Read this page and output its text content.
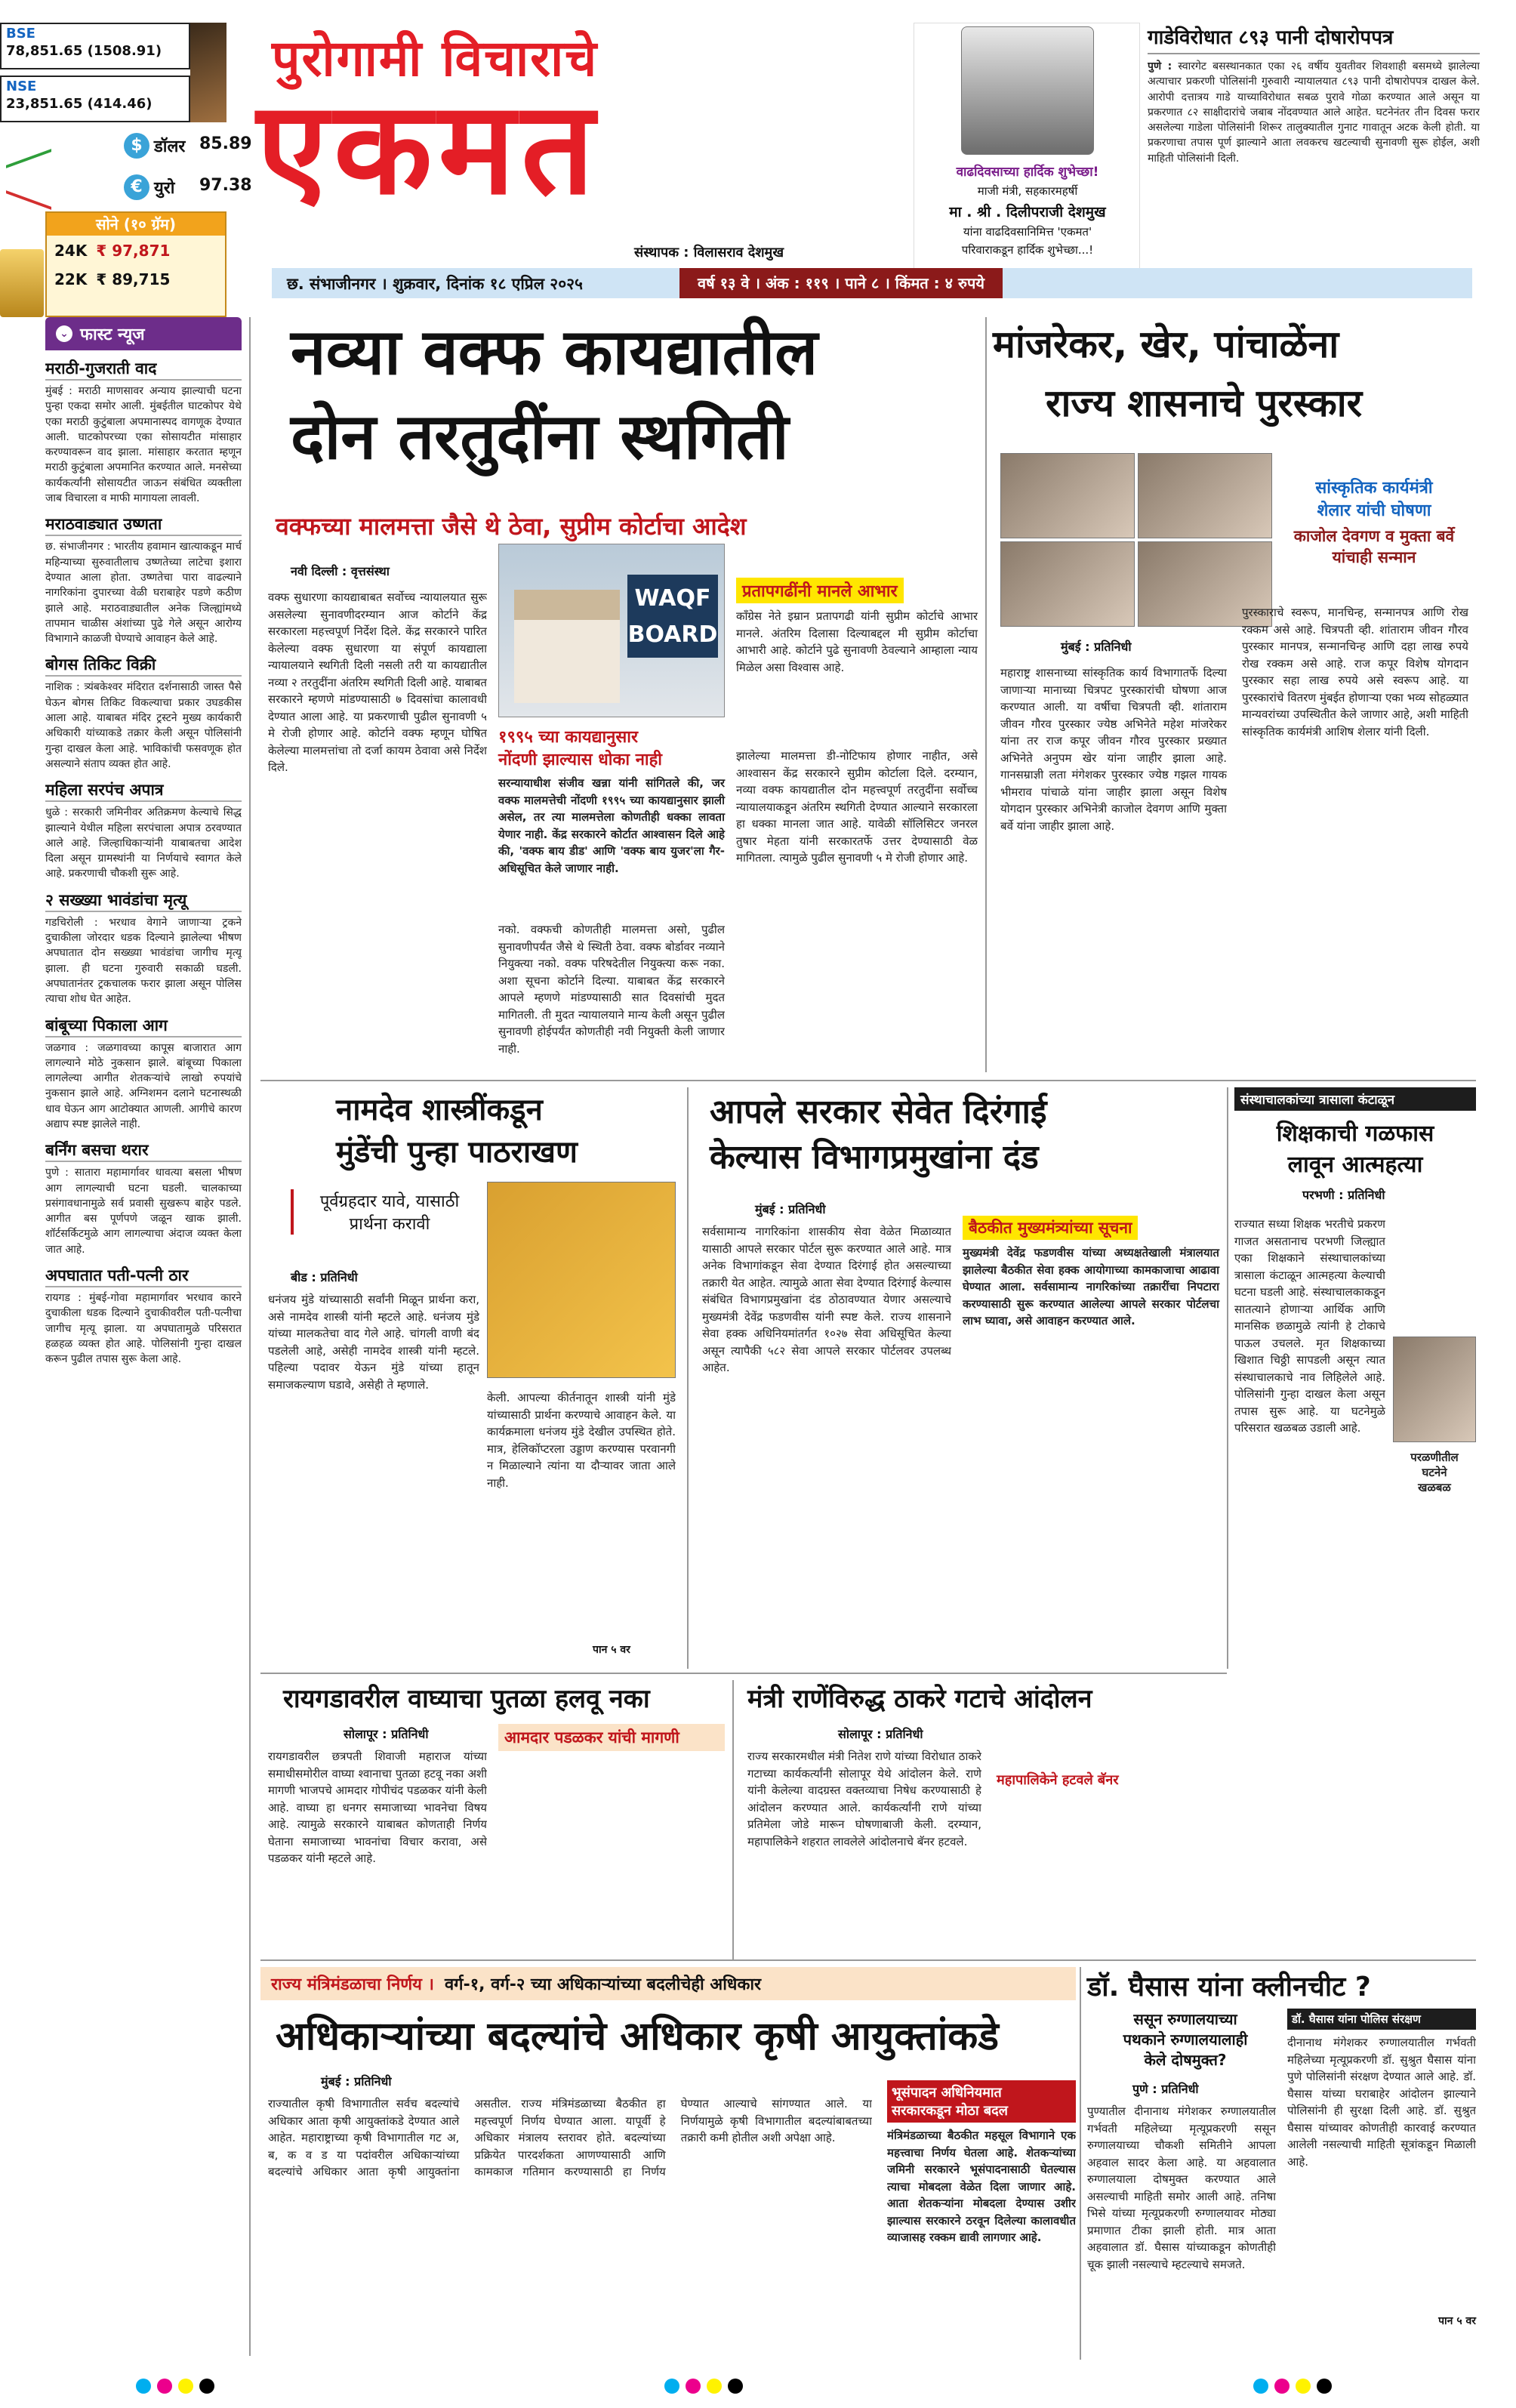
BSE
78,851.65 (1508.91)
NSE
23,851.65 (414.46)
$ डॉलर 85.89
€ युरो 97.38
सोने (१० ग्रॅम)
24K ₹ 97,871
22K ₹ 89,715
पुरोगामी विचाराचे
एकमत
संस्थापक : विलासराव देशमुख
वाढदिवसाच्या हार्दिक शुभेच्छा!
माजी मंत्री, सहकारमहर्षी
मा . श्री . दिलीपराजी देशमुख
यांना वाढदिवसानिमित्त 'एकमत'
परिवाराकडून हार्दिक शुभेच्छा...!
गाडेविरोधात ८९३ पानी दोषारोपपत्र
पुणे : स्वारगेट बसस्थानकात एका २६ वर्षीय युवतीवर शिवशाही बसमध्ये झालेल्या अत्याचार प्रकरणी पोलिसांनी गुरुवारी न्यायालयात ८९३ पानी दोषारोपपत्र दाखल केले. आरोपी दत्तात्रय गाडे याच्याविरोधात सबळ पुरावे गोळा करण्यात आले असून या प्रकरणात ८२ साक्षीदारांचे जबाब नोंदवण्यात आले आहेत. घटनेनंतर तीन दिवस फरार असलेल्या गाडेला पोलिसांनी शिरूर तालुक्यातील गुनाट गावातून अटक केली होती. या प्रकरणाचा तपास पूर्ण झाल्याने आता लवकरच खटल्याची सुनावणी सुरू होईल, अशी माहिती पोलिसांनी दिली.
छ. संभाजीनगर । शुक्रवार, दिनांक १८ एप्रिल २०२५	वर्ष १३ वे । अंक : ११९ । पाने ८ । किंमत : ४ रुपये
⌄ फास्ट न्यूज
मराठी-गुजराती वाद
मुंबई : मराठी माणसावर अन्याय झाल्याची घटना पुन्हा एकदा समोर आली. मुंबईतील घाटकोपर येथे एका मराठी कुटुंबाला अपमानास्पद वागणूक देण्यात आली. घाटकोपरच्या एका सोसायटीत मांसाहार करण्यावरून वाद झाला. मांसाहार करतात म्हणून मराठी कुटुंबाला अपमानित करण्यात आले. मनसेच्या कार्यकर्त्यांनी सोसायटीत जाऊन संबंधित व्यक्तीला जाब विचारला व माफी मागायला लावली.
मराठवाड्यात उष्णता
छ. संभाजीनगर : भारतीय हवामान खात्याकडून मार्च महिन्याच्या सुरुवातीलाच उष्णतेच्या लाटेचा इशारा देण्यात आला होता. उष्णतेचा पारा वाढल्याने नागरिकांना दुपारच्या वेळी घराबाहेर पडणे कठीण झाले आहे. मराठवाड्यातील अनेक जिल्ह्यांमध्ये तापमान चाळीस अंशांच्या पुढे गेले असून आरोग्य विभागाने काळजी घेण्याचे आवाहन केले आहे.
बोगस तिकिट विक्री
नाशिक : त्र्यंबकेश्वर मंदिरात दर्शनासाठी जास्त पैसे घेऊन बोगस तिकिट विकल्याचा प्रकार उघडकीस आला आहे. याबाबत मंदिर ट्रस्टने मुख्य कार्यकारी अधिकारी यांच्याकडे तक्रार केली असून पोलिसांनी गुन्हा दाखल केला आहे. भाविकांची फसवणूक होत असल्याने संताप व्यक्त होत आहे.
महिला सरपंच अपात्र
धुळे : सरकारी जमिनीवर अतिक्रमण केल्याचे सिद्ध झाल्याने येथील महिला सरपंचाला अपात्र ठरवण्यात आले आहे. जिल्हाधिकाऱ्यांनी याबाबतचा आदेश दिला असून ग्रामस्थांनी या निर्णयाचे स्वागत केले आहे. प्रकरणाची चौकशी सुरू आहे.
२ सख्ख्या भावंडांचा मृत्यू
गडचिरोली : भरधाव वेगाने जाणाऱ्या ट्रकने दुचाकीला जोरदार धडक दिल्याने झालेल्या भीषण अपघातात दोन सख्ख्या भावंडांचा जागीच मृत्यू झाला. ही घटना गुरुवारी सकाळी घडली. अपघातानंतर ट्रकचालक फरार झाला असून पोलिस त्याचा शोध घेत आहेत.
बांबूच्या पिकाला आग
जळगाव : जळगावच्या कापूस बाजारात आग लागल्याने मोठे नुकसान झाले. बांबूच्या पिकाला लागलेल्या आगीत शेतकऱ्यांचे लाखो रुपयांचे नुकसान झाले आहे. अग्निशमन दलाने घटनास्थळी धाव घेऊन आग आटोक्यात आणली. आगीचे कारण अद्याप स्पष्ट झालेले नाही.
बर्निंग बसचा थरार
पुणे : सातारा महामार्गावर धावत्या बसला भीषण आग लागल्याची घटना घडली. चालकाच्या प्रसंगावधानामुळे सर्व प्रवासी सुखरूप बाहेर पडले. आगीत बस पूर्णपणे जळून खाक झाली. शॉर्टसर्किटमुळे आग लागल्याचा अंदाज व्यक्त केला जात आहे.
अपघातात पती-पत्नी ठार
रायगड : मुंबई-गोवा महामार्गावर भरधाव कारने दुचाकीला धडक दिल्याने दुचाकीवरील पती-पत्नीचा जागीच मृत्यू झाला. या अपघातामुळे परिसरात हळहळ व्यक्त होत आहे. पोलिसांनी गुन्हा दाखल करून पुढील तपास सुरू केला आहे.
नव्या वक्फ कायद्यातील
दोन तरतुदींना स्थगिती
वक्फच्या मालमत्ता जैसे थे ठेवा, सुप्रीम कोर्टाचा आदेश
नवी दिल्ली : वृत्तसंस्था
वक्फ सुधारणा कायद्याबाबत सर्वोच्च न्यायालयात सुरू असलेल्या सुनावणीदरम्यान आज कोर्टाने केंद्र सरकारला महत्त्वपूर्ण निर्देश दिले. केंद्र सरकारने पारित केलेल्या वक्फ सुधारणा या संपूर्ण कायद्याला न्यायालयाने स्थगिती दिली नसली तरी या कायद्यातील नव्या २ तरतुदींना अंतरिम स्थगिती दिली आहे. याबाबत सरकारने म्हणणे मांडण्यासाठी ७ दिवसांचा कालावधी देण्यात आला आहे. या प्रकरणाची पुढील सुनावणी ५ मे रोजी होणार आहे. कोर्टाने वक्फ म्हणून घोषित केलेल्या मालमत्तांचा तो दर्जा कायम ठेवावा असे निर्देश दिले.
WAQF
BOARD
१९९५ च्या कायद्यानुसार
नोंदणी झाल्यास धोका नाही
सरन्यायाधीश संजीव खन्ना यांनी सांगितले की, जर वक्फ मालमत्तेची नोंदणी १९९५ च्या कायद्यानुसार झाली असेल, तर त्या मालमत्तेला कोणतीही धक्का लावता येणार नाही. केंद्र सरकारने कोर्टात आश्वासन दिले आहे की, 'वक्फ बाय डीड' आणि 'वक्फ बाय युजर'ला गैर-अधिसूचित केले जाणार नाही.
नको. वक्फची कोणतीही मालमत्ता असो, पुढील सुनावणीपर्यंत जैसे थे स्थिती ठेवा. वक्फ बोर्डावर नव्याने नियुक्त्या नको. वक्फ परिषदेतील नियुक्त्या करू नका. अशा सूचना कोर्टाने दिल्या. याबाबत केंद्र सरकारने आपले म्हणणे मांडण्यासाठी सात दिवसांची मुदत मागितली. ती मुदत न्यायालयाने मान्य केली असून पुढील सुनावणी होईपर्यंत कोणतीही नवी नियुक्ती केली जाणार नाही.
प्रतापगढींनी मानले आभार
काँग्रेस नेते इम्रान प्रतापगढी यांनी सुप्रीम कोर्टाचे आभार मानले. अंतरिम दिलासा दिल्याबद्दल मी सुप्रीम कोर्टाचा आभारी आहे. कोर्टाने पुढे सुनावणी ठेवल्याने आम्हाला न्याय मिळेल असा विश्वास आहे.
झालेल्या मालमत्ता डी-नोटिफाय होणार नाहीत, असे आश्वासन केंद्र सरकारने सुप्रीम कोर्टाला दिले. दरम्यान, नव्या वक्फ कायद्यातील दोन महत्त्वपूर्ण तरतुदींना सर्वोच्च न्यायालयाकडून अंतरिम स्थगिती देण्यात आल्याने सरकारला हा धक्का मानला जात आहे. यावेळी सॉलिसिटर जनरल तुषार मेहता यांनी सरकारतर्फे उत्तर देण्यासाठी वेळ मागितला. त्यामुळे पुढील सुनावणी ५ मे रोजी होणार आहे.
मांजरेकर, खेर, पांचाळेंना
राज्य शासनाचे पुरस्कार
सांस्कृतिक कार्यमंत्री
शेलार यांची घोषणा
काजोल देवगण व मुक्ता बर्वे
यांचाही सन्मान
मुंबई : प्रतिनिधी
महाराष्ट्र शासनाच्या सांस्कृतिक कार्य विभागातर्फे दिल्या जाणाऱ्या मानाच्या चित्रपट पुरस्कारांची घोषणा आज करण्यात आली. या वर्षीचा चित्रपती व्ही. शांताराम जीवन गौरव पुरस्कार ज्येष्ठ अभिनेते महेश मांजरेकर यांना तर राज कपूर जीवन गौरव पुरस्कार प्रख्यात अभिनेते अनुपम खेर यांना जाहीर झाला आहे. गानसम्राज्ञी लता मंगेशकर पुरस्कार ज्येष्ठ गझल गायक भीमराव पांचाळे यांना जाहीर झाला असून विशेष योगदान पुरस्कार अभिनेत्री काजोल देवगण आणि मुक्ता बर्वे यांना जाहीर झाला आहे.
पुरस्काराचे स्वरूप, मानचिन्ह, सन्मानपत्र आणि रोख रक्कम असे आहे. चित्रपती व्ही. शांताराम जीवन गौरव पुरस्कार मानपत्र, सन्मानचिन्ह आणि दहा लाख रुपये रोख रक्कम असे आहे. राज कपूर विशेष योगदान पुरस्कार सहा लाख रुपये असे स्वरूप आहे. या पुरस्कारांचे वितरण मुंबईत होणाऱ्या एका भव्य सोहळ्यात मान्यवरांच्या उपस्थितीत केले जाणार आहे, अशी माहिती सांस्कृतिक कार्यमंत्री आशिष शेलार यांनी दिली.
नामदेव शास्त्रींकडून
मुंडेंची पुन्हा पाठराखण
पूर्वग्रहदार यावे, यासाठी
प्रार्थना करावी
बीड : प्रतिनिधी
धनंजय मुंडे यांच्यासाठी सर्वांनी मिळून प्रार्थना करा, असे नामदेव शास्त्री यांनी म्हटले आहे. धनंजय मुंडे यांच्या मालकतेचा वाद गेले आहे. चांगली वाणी बंद पडलेली आहे, असेही नामदेव शास्त्री यांनी म्हटले. पहिल्या पदावर येऊन मुंडे यांच्या हातून समाजकल्याण घडावे, असेही ते म्हणाले.
केली. आपल्या कीर्तनातून शास्त्री यांनी मुंडे यांच्यासाठी प्रार्थना करण्याचे आवाहन केले. या कार्यक्रमाला धनंजय मुंडे देखील उपस्थित होते. मात्र, हेलिकॉप्टरला उड्डाण करण्यास परवानगी न मिळाल्याने त्यांना या दौऱ्यावर जाता आले नाही.
पान ५ वर
आपले सरकार सेवेत दिरंगाई
केल्यास विभागप्रमुखांना दंड
मुंबई : प्रतिनिधी
सर्वसामान्य नागरिकांना शासकीय सेवा वेळेत मिळाव्यात यासाठी आपले सरकार पोर्टल सुरू करण्यात आले आहे. मात्र अनेक विभागांकडून सेवा देण्यात दिरंगाई होत असल्याच्या तक्रारी येत आहेत. त्यामुळे आता सेवा देण्यात दिरंगाई केल्यास संबंधित विभागप्रमुखांना दंड ठोठावण्यात येणार असल्याचे मुख्यमंत्री देवेंद्र फडणवीस यांनी स्पष्ट केले. राज्य शासनाने सेवा हक्क अधिनियमांतर्गत १०२७ सेवा अधिसूचित केल्या असून त्यापैकी ५८२ सेवा आपले सरकार पोर्टलवर उपलब्ध आहेत.
बैठकीत मुख्यमंत्र्यांच्या सूचना
मुख्यमंत्री देवेंद्र फडणवीस यांच्या अध्यक्षतेखाली मंत्रालयात झालेल्या बैठकीत सेवा हक्क आयोगाच्या कामकाजाचा आढावा घेण्यात आला. सर्वसामान्य नागरिकांच्या तक्रारींचा निपटारा करण्यासाठी सुरू करण्यात आलेल्या आपले सरकार पोर्टलचा लाभ घ्यावा, असे आवाहन करण्यात आले.
संस्थाचालकांच्या त्रासाला कंटाळून
शिक्षकाची गळफास
लावून आत्महत्या
परभणी : प्रतिनिधी
राज्यात सध्या शिक्षक भरतीचे प्रकरण गाजत असतानाच परभणी जिल्ह्यात एका शिक्षकाने संस्थाचालकांच्या त्रासाला कंटाळून आत्महत्या केल्याची घटना घडली आहे. संस्थाचालकाकडून सातत्याने होणाऱ्या आर्थिक आणि मानसिक छळामुळे त्यांनी हे टोकाचे पाऊल उचलले. मृत शिक्षकाच्या खिशात चिठ्ठी सापडली असून त्यात संस्थाचालकाचे नाव लिहिलेले आहे. पोलिसांनी गुन्हा दाखल केला असून तपास सुरू आहे. या घटनेमुळे परिसरात खळबळ उडाली आहे.
परळणीतील
घटनेने
खळबळ
रायगडावरील वाघ्याचा पुतळा हलवू नका
सोलापूर : प्रतिनिधी
रायगडावरील छत्रपती शिवाजी महाराज यांच्या समाधीसमोरील वाघ्या श्वानाचा पुतळा हटवू नका अशी मागणी भाजपचे आमदार गोपीचंद पडळकर यांनी केली आहे. वाघ्या हा धनगर समाजाच्या भावनेचा विषय आहे. त्यामुळे सरकारने याबाबत कोणताही निर्णय घेताना समाजाच्या भावनांचा विचार करावा, असे पडळकर यांनी म्हटले आहे.
आमदार पडळकर यांची मागणी
मंत्री राणेंविरुद्ध ठाकरे गटाचे आंदोलन
सोलापूर : प्रतिनिधी
राज्य सरकारमधील मंत्री नितेश राणे यांच्या विरोधात ठाकरे गटाच्या कार्यकर्त्यांनी सोलापूर येथे आंदोलन केले. राणे यांनी केलेल्या वादग्रस्त वक्तव्याचा निषेध करण्यासाठी हे आंदोलन करण्यात आले. कार्यकर्त्यांनी राणे यांच्या प्रतिमेला जोडे मारून घोषणाबाजी केली. दरम्यान, महापालिकेने शहरात लावलेले आंदोलनाचे बॅनर हटवले.
महापालिकेने हटवले बॅनर
राज्य मंत्रिमंडळाचा निर्णय । वर्ग-१, वर्ग-२ च्या अधिकाऱ्यांच्या बदलीचेही अधिकार
अधिकाऱ्यांच्या बदल्यांचे अधिकार कृषी आयुक्तांकडे
मुंबई : प्रतिनिधी
राज्यातील कृषी विभागातील सर्वच बदल्यांचे अधिकार आता कृषी आयुक्तांकडे देण्यात आले आहेत. महाराष्ट्राच्या कृषी विभागातील गट अ, ब, क व ड या पदांवरील अधिकाऱ्यांच्या बदल्यांचे अधिकार आता कृषी आयुक्तांना असतील. राज्य मंत्रिमंडळाच्या बैठकीत हा महत्त्वपूर्ण निर्णय घेण्यात आला. यापूर्वी हे अधिकार मंत्रालय स्तरावर होते. बदल्यांच्या प्रक्रियेत पारदर्शकता आणण्यासाठी आणि कामकाज गतिमान करण्यासाठी हा निर्णय घेण्यात आल्याचे सांगण्यात आले. या निर्णयामुळे कृषी विभागातील बदल्यांबाबतच्या तक्रारी कमी होतील अशी अपेक्षा आहे.
भूसंपादन अधिनियमात
सरकारकडून मोठा बदल
मंत्रिमंडळाच्या बैठकीत महसूल विभागाने एक महत्त्वाचा निर्णय घेतला आहे. शेतकऱ्यांच्या जमिनी सरकारने भूसंपादनासाठी घेतल्यास त्याचा मोबदला वेळेत दिला जाणार आहे. आता शेतकऱ्यांना मोबदला देण्यास उशीर झाल्यास सरकारने ठरवून दिलेल्या कालावधीत व्याजासह रक्कम द्यावी लागणार आहे.
डॉ. घैसास यांना क्लीनचीट ?
ससून रुग्णालयाच्या
पथकाने रुग्णालयालाही
केले दोषमुक्त?
पुणे : प्रतिनिधी
पुण्यातील दीनानाथ मंगेशकर रुग्णालयातील गर्भवती महिलेच्या मृत्यूप्रकरणी ससून रुग्णालयाच्या चौकशी समितीने आपला अहवाल सादर केला आहे. या अहवालात रुग्णालयाला दोषमुक्त करण्यात आले असल्याची माहिती समोर आली आहे. तनिषा भिसे यांच्या मृत्यूप्रकरणी रुग्णालयावर मोठ्या प्रमाणात टीका झाली होती. मात्र आता अहवालात डॉ. घैसास यांच्याकडून कोणतीही चूक झाली नसल्याचे म्हटल्याचे समजते.
डॉ. घैसास यांना पोलिस संरक्षण
दीनानाथ मंगेशकर रुग्णालयातील गर्भवती महिलेच्या मृत्यूप्रकरणी डॉ. सुश्रुत घैसास यांना पुणे पोलिसांनी संरक्षण देण्यात आले आहे. डॉ. घैसास यांच्या घराबाहेर आंदोलन झाल्याने पोलिसांनी ही सुरक्षा दिली आहे. डॉ. सुश्रुत घैसास यांच्यावर कोणतीही कारवाई करण्यात आलेली नसल्याची माहिती सूत्रांकडून मिळाली आहे.
पान ५ वर
